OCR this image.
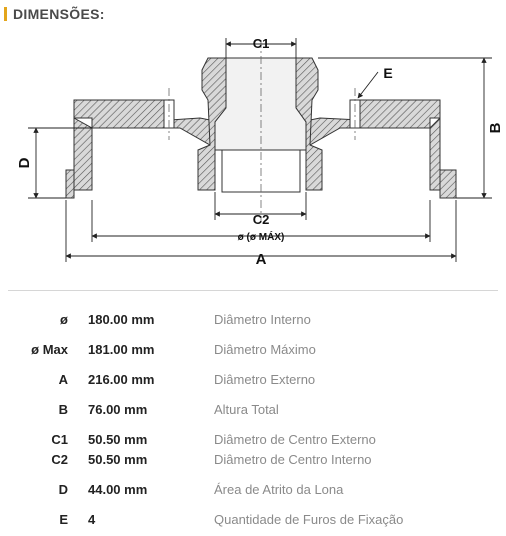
DIMENSÕES:
C1
C2
ø (ø MÁX)
A
E
B
D
ø 180.00 mm	Diâmetro Interno
ø Max 181.00 mm	Diâmetro Máximo
A 216.00 mm	Diâmetro Externo
B 76.00 mm	Altura Total
C1 50.50 mm	Diâmetro de Centro Externo
C2 50.50 mm	Diâmetro de Centro Interno
D 44.00 mm	Área de Atrito da Lona
E 4	Quantidade de Furos de Fixação
